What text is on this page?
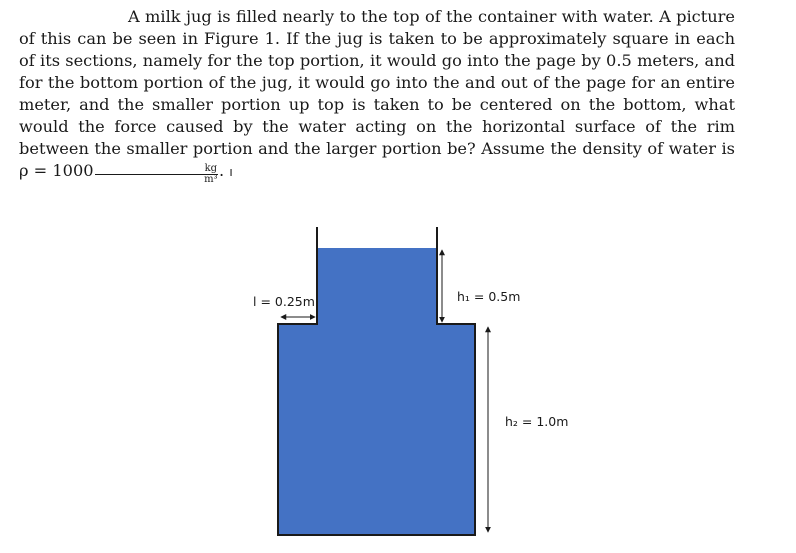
A milk jug is filled nearly to the top of the container with water. A picture of this can be seen in Figure 1. If the jug is taken to be approximately square in each of its sections, namely for the top portion, it would go into the page by 0.5 meters, and for the bottom portion of the jug, it would go into the and out of the page for an entire meter, and the smaller portion up top is taken to be centered on the bottom, what would the force caused by the water acting on the horizontal surface of the rim between the smaller portion and the larger portion be? Assume the density of water is $\rho = 1000 \frac{kg}{\text{m³}}$ . ı

l = 0.25m	h₁ = 0.5m
h₂ = 1.0m
